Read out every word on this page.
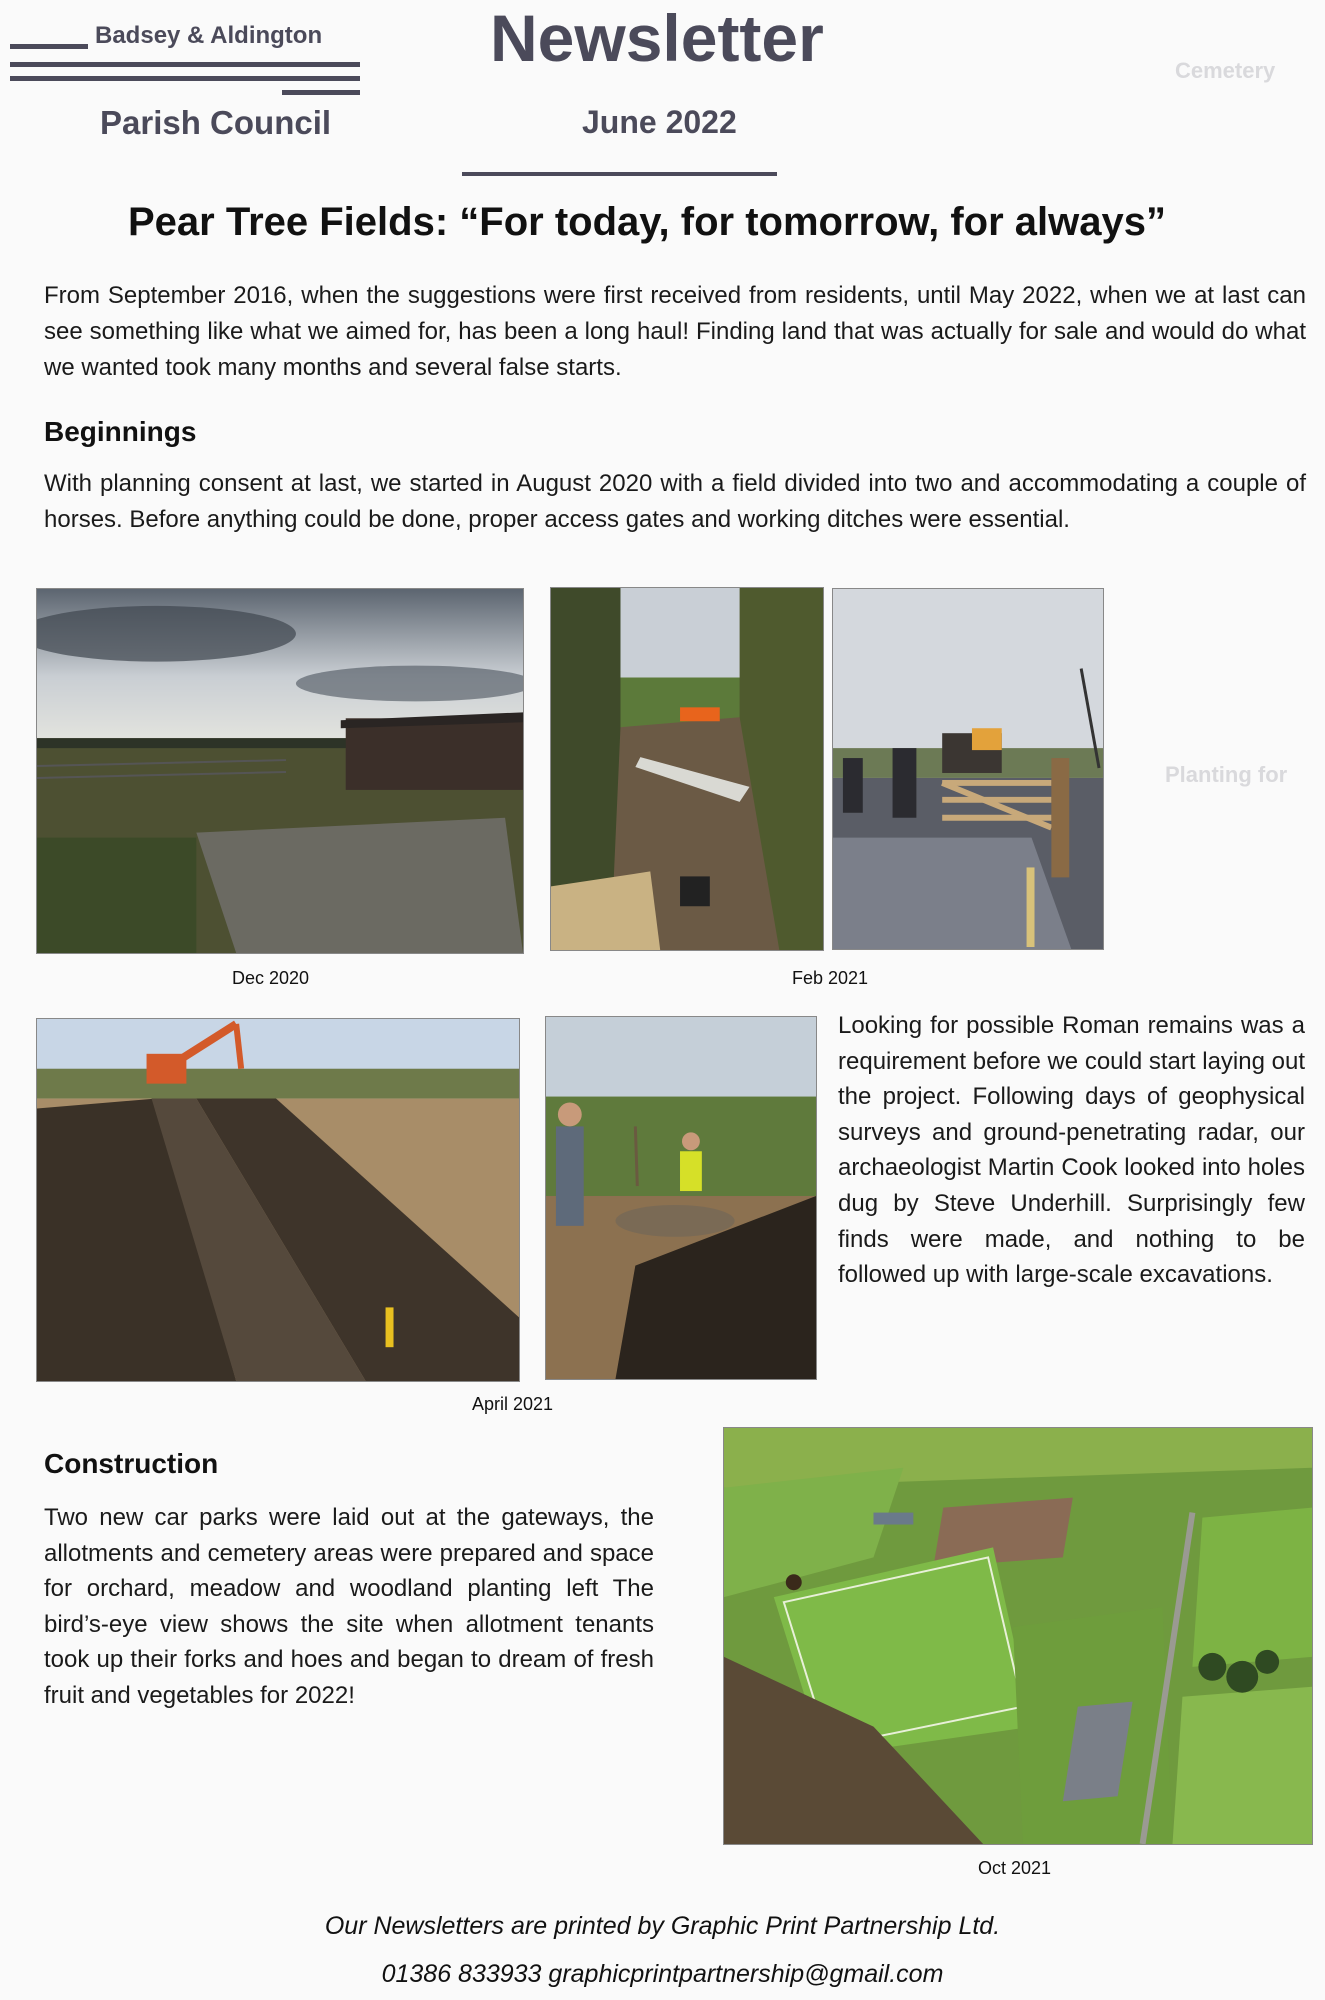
Cemetery
Planting for
Badsey & Aldington
Parish Council
Newsletter
June 2022
Pear Tree Fields: “For today, for tomorrow, for always”
From September 2016, when the suggestions were first received from residents, until May 2022, when we at last can see something like what we aimed for, has been a long haul! Finding land that was actually for sale and would do what we wanted took many months and several false starts.
Beginnings
With planning consent at last, we started in August 2020 with a field divided into two and accommodating a couple of horses. Before anything could be done, proper access gates and working ditches were essential.
Dec 2020	Feb 2021
April 2021
Looking for possible Roman remains was a requirement before we could start laying out the project. Following days of geophysical surveys and ground-penetrating radar, our archaeologist Martin Cook looked into holes dug by Steve Underhill. Surprisingly few finds were made, and nothing to be followed up with large-scale excavations.
Construction
Two new car parks were laid out at the gateways, the allotments and cemetery areas were prepared and space for orchard, meadow and woodland planting left The bird’s-eye view shows the site when allotment tenants took up their forks and hoes and began to dream of fresh fruit and vegetables for 2022!
Oct 2021
Our Newsletters are printed by Graphic Print Partnership Ltd.
01386 833933 graphicprintpartnership@gmail.com
